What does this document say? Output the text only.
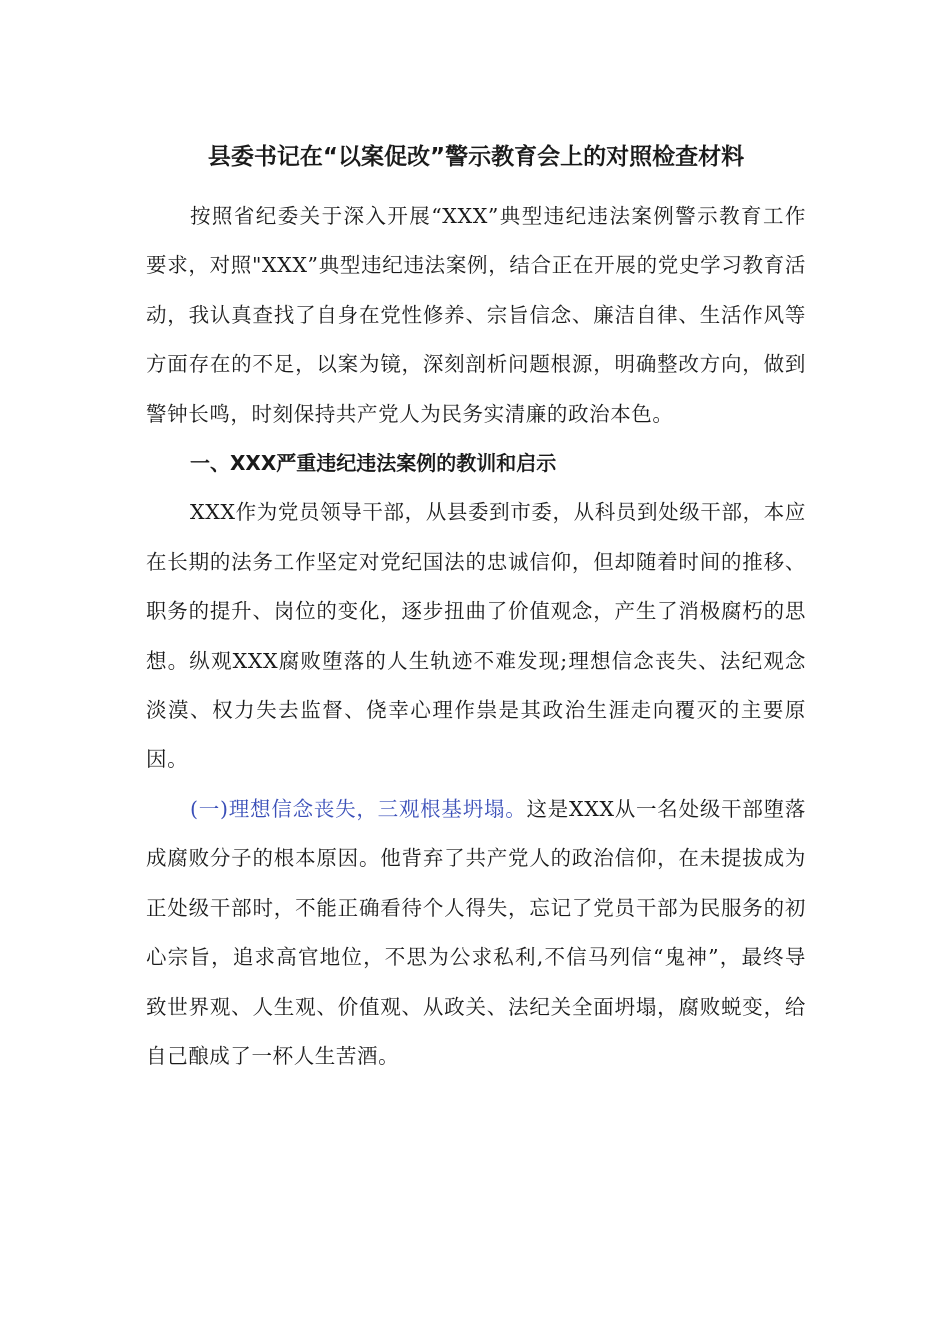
县委书记在“以案促改”警示教育会上的对照检查材料

按照省纪委关于深入开展“XXX”典型违纪违法案例警示教育工作要求，对照"XXX”典型违纪违法案例，结合正在开展的党史学习教育活动，我认真查找了自身在党性修养、宗旨信念、廉洁自律、生活作风等方面存在的不足，以案为镜，深刻剖析问题根源，明确整改方向，做到警钟长鸣，时刻保持共产党人为民务实清廉的政治本色。

一、XXX严重违纪违法案例的教训和启示

XXX作为党员领导干部，从县委到市委，从科员到处级干部，本应在长期的法务工作坚定对党纪国法的忠诚信仰，但却随着时间的推移、职务的提升、岗位的变化，逐步扭曲了价值观念，产生了消极腐朽的思想。纵观XXX腐败堕落的人生轨迹不难发现;理想信念丧失、法纪观念淡漠、权力失去监督、侥幸心理作祟是其政治生涯走向覆灭的主要原因。

(一)理想信念丧失，三观根基坍塌。这是XXX从一名处级干部堕落成腐败分子的根本原因。他背弃了共产党人的政治信仰，在未提拔成为正处级干部时，不能正确看待个人得失，忘记了党员干部为民服务的初心宗旨，追求高官地位，不思为公求私利,不信马列信“鬼神”，最终导致世界观、人生观、价值观、从政关、法纪关全面坍塌，腐败蜕变，给自己酿成了一杯人生苦酒。
